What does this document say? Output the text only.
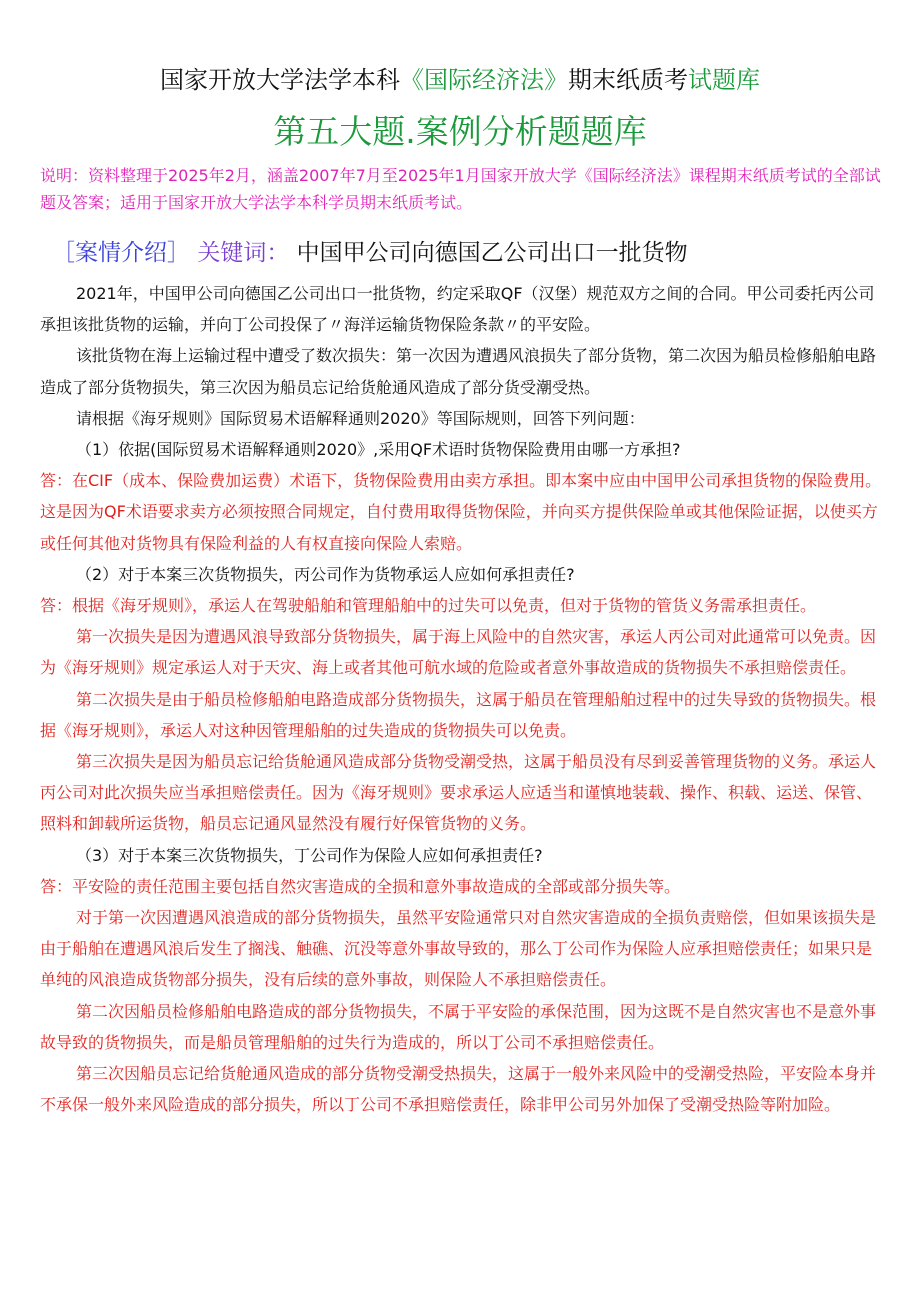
国家开放大学法学本科《国际经济法》期末纸质考试题库
第五大题.案例分析题题库
说明：资料整理于2025年2月，涵盖2007年7月至2025年1月国家开放大学《国际经济法》课程期末纸质考试的全部试题及答案；适用于国家开放大学法学本科学员期末纸质考试。
［案情介绍］ 关键词： 中国甲公司向德国乙公司出口一批货物

2021年，中国甲公司向德国乙公司出口一批货物，约定采取QF（汉堡）规范双方之间的合同。甲公司委托丙公司承担该批货物的运输，并向丁公司投保了〃海洋运输货物保险条款〃的平安险。

该批货物在海上运输过程中遭受了数次损失：第一次因为遭遇风浪损失了部分货物，第二次因为船员检修船舶电路造成了部分货物损失，第三次因为船员忘记给货舱通风造成了部分货受潮受热。

请根据《海牙规则》国际贸易术语解释通则2020》等国际规则，回答下列问题：

（1）依据(国际贸易术语解释通则2020》,采用QF术语时货物保险费用由哪一方承担?

答：在CIF（成本、保险费加运费）术语下，货物保险费用由卖方承担。即本案中应由中国甲公司承担货物的保险费用。这是因为QF术语要求卖方必须按照合同规定，自付费用取得货物保险，并向买方提供保险单或其他保险证据，以使买方或任何其他对货物具有保险利益的人有权直接向保险人索赔。

（2）对于本案三次货物损失，丙公司作为货物承运人应如何承担责任?

答：根据《海牙规则》，承运人在驾驶船舶和管理船舶中的过失可以免责，但对于货物的管货义务需承担责任。

第一次损失是因为遭遇风浪导致部分货物损失，属于海上风险中的自然灾害，承运人丙公司对此通常可以免责。因为《海牙规则》规定承运人对于天灾、海上或者其他可航水域的危险或者意外事故造成的货物损失不承担赔偿责任。

第二次损失是由于船员检修船舶电路造成部分货物损失，这属于船员在管理船舶过程中的过失导致的货物损失。根据《海牙规则》，承运人对这种因管理船舶的过失造成的货物损失可以免责。

第三次损失是因为船员忘记给货舱通风造成部分货物受潮受热，这属于船员没有尽到妥善管理货物的义务。承运人丙公司对此次损失应当承担赔偿责任。因为《海牙规则》要求承运人应适当和谨慎地装载、操作、积载、运送、保管、照料和卸载所运货物，船员忘记通风显然没有履行好保管货物的义务。

（3）对于本案三次货物损失，丁公司作为保险人应如何承担责任?

答：平安险的责任范围主要包括自然灾害造成的全损和意外事故造成的全部或部分损失等。

对于第一次因遭遇风浪造成的部分货物损失，虽然平安险通常只对自然灾害造成的全损负责赔偿，但如果该损失是由于船舶在遭遇风浪后发生了搁浅、触礁、沉没等意外事故导致的，那么丁公司作为保险人应承担赔偿责任；如果只是单纯的风浪造成货物部分损失，没有后续的意外事故，则保险人不承担赔偿责任。

第二次因船员检修船舶电路造成的部分货物损失，不属于平安险的承保范围，因为这既不是自然灾害也不是意外事故导致的货物损失，而是船员管理船舶的过失行为造成的，所以丁公司不承担赔偿责任。

第三次因船员忘记给货舱通风造成的部分货物受潮受热损失，这属于一般外来风险中的受潮受热险，平安险本身并不承保一般外来风险造成的部分损失，所以丁公司不承担赔偿责任，除非甲公司另外加保了受潮受热险等附加险。
